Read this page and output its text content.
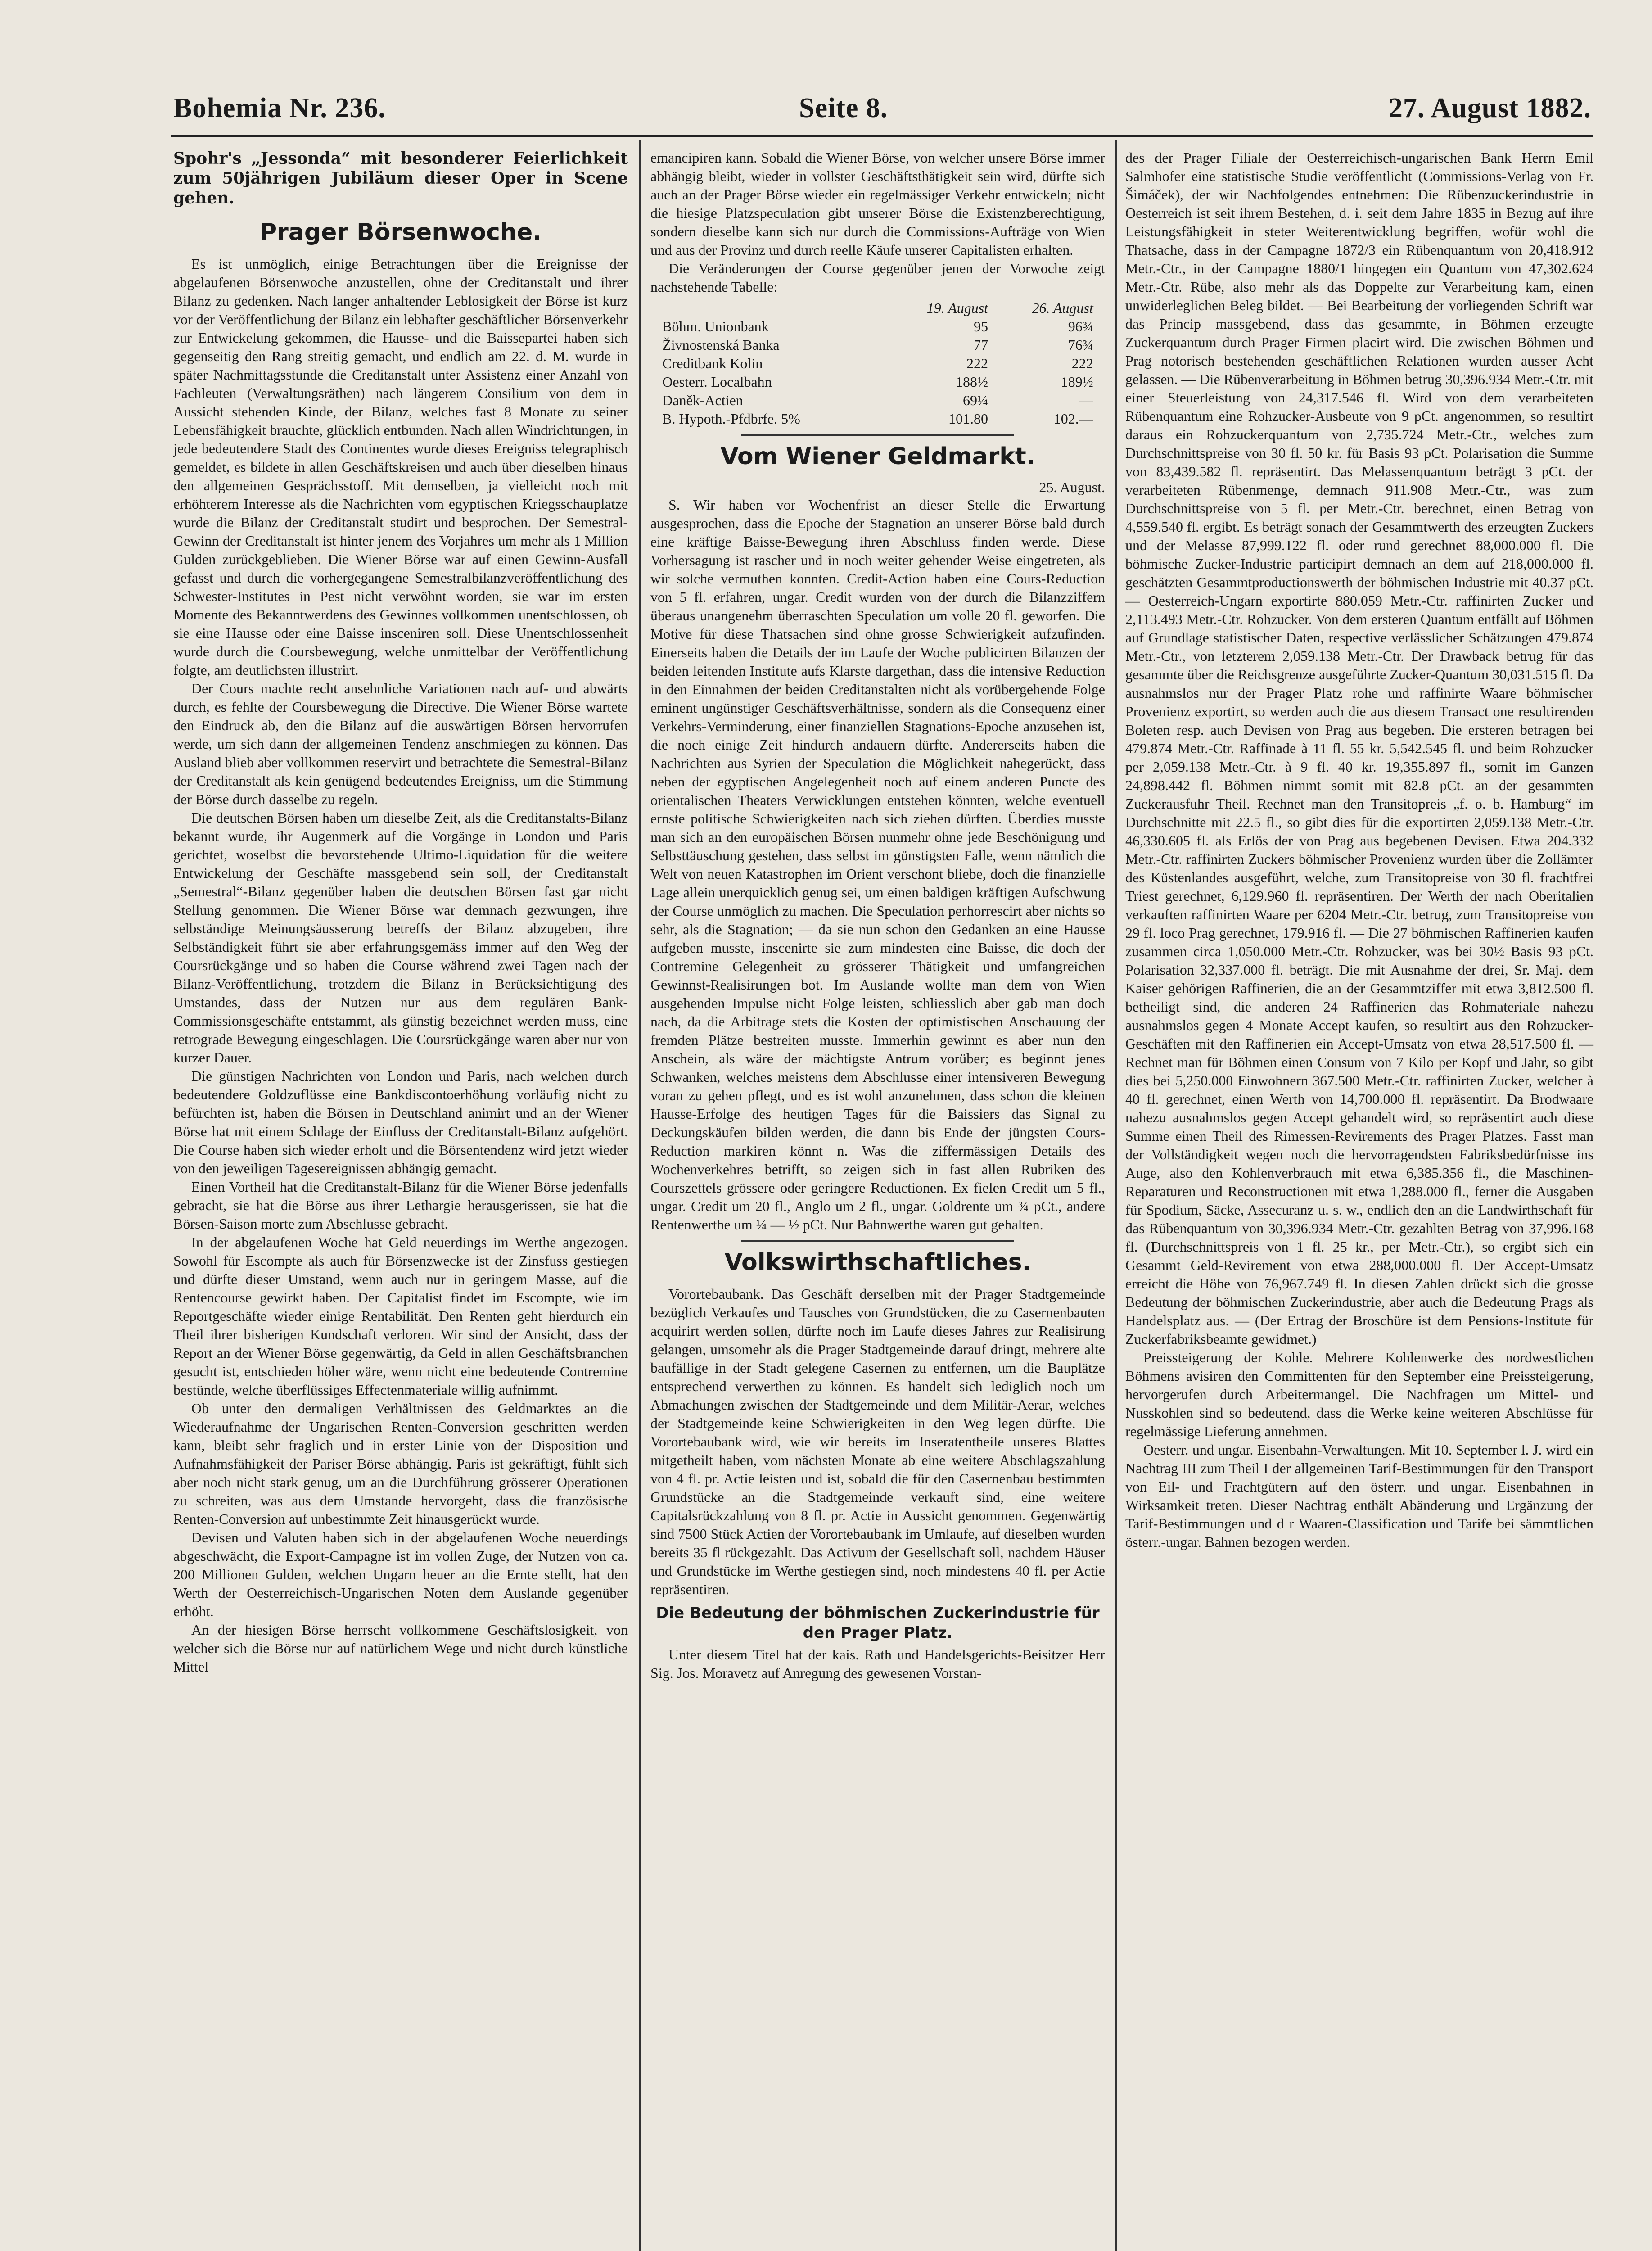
Bohemia Nr. 236.	Seite 8.	27. August 1882.

Spohr's „Jessonda“ mit besonderer Feierlichkeit zum 50jährigen Jubiläum dieser Oper in Scene gehen.

Prager Börsenwoche.

Es ist unmöglich, einige Betrachtungen über die Ereignisse der abgelaufenen Börsenwoche anzustellen, ohne der Creditanstalt und ihrer Bilanz zu gedenken. Nach langer anhaltender Leblosigkeit der Börse ist kurz vor der Veröffentlichung der Bilanz ein lebhafter geschäftlicher Börsenverkehr zur Entwickelung gekommen, die Hausse- und die Baissepartei haben sich gegenseitig den Rang streitig gemacht, und endlich am 22. d. M. wurde in später Nachmittagsstunde die Creditanstalt unter Assistenz einer Anzahl von Fachleuten (Verwaltungsräthen) nach längerem Consilium von dem in Aussicht stehenden Kinde, der Bilanz, welches fast 8 Monate zu seiner Lebensfähigkeit brauchte, glücklich entbunden. Nach allen Windrichtungen, in jede bedeutendere Stadt des Continentes wurde dieses Ereigniss telegraphisch gemeldet, es bildete in allen Geschäftskreisen und auch über dieselben hinaus den allgemeinen Gesprächsstoff. Mit demselben, ja vielleicht noch mit erhöhterem Interesse als die Nachrichten vom egyptischen Kriegsschauplatze wurde die Bilanz der Creditanstalt studirt und besprochen. Der Semestral-Gewinn der Creditanstalt ist hinter jenem des Vorjahres um mehr als 1 Million Gulden zurückgeblieben. Die Wiener Börse war auf einen Gewinn-Ausfall gefasst und durch die vorhergegangene Semestralbilanzveröffentlichung des Schwester-Institutes in Pest nicht verwöhnt worden, sie war im ersten Momente des Bekanntwerdens des Gewinnes vollkommen unentschlossen, ob sie eine Hausse oder eine Baisse insceniren soll. Diese Unentschlossenheit wurde durch die Coursbewegung, welche unmittelbar der Veröffentlichung folgte, am deutlichsten illustrirt.

Der Cours machte recht ansehnliche Variationen nach auf- und abwärts durch, es fehlte der Coursbewegung die Directive. Die Wiener Börse wartete den Eindruck ab, den die Bilanz auf die auswärtigen Börsen hervorrufen werde, um sich dann der allgemeinen Tendenz anschmiegen zu können. Das Ausland blieb aber vollkommen reservirt und betrachtete die Semestral-Bilanz der Creditanstalt als kein genügend bedeutendes Ereigniss, um die Stimmung der Börse durch dasselbe zu regeln.

Die deutschen Börsen haben um dieselbe Zeit, als die Creditanstalts-Bilanz bekannt wurde, ihr Augenmerk auf die Vorgänge in London und Paris gerichtet, woselbst die bevorstehende Ultimo-Liquidation für die weitere Entwickelung der Geschäfte massgebend sein soll, der Creditanstalt „Semestral“-Bilanz gegenüber haben die deutschen Börsen fast gar nicht Stellung genommen. Die Wiener Börse war demnach gezwungen, ihre selbständige Meinungsäusserung betreffs der Bilanz abzugeben, ihre Selbständigkeit führt sie aber erfahrungsgemäss immer auf den Weg der Coursrückgänge und so haben die Course während zwei Tagen nach der Bilanz-Veröffentlichung, trotzdem die Bilanz in Berücksichtigung des Umstandes, dass der Nutzen nur aus dem regulären Bank-Commissionsgeschäfte entstammt, als günstig bezeichnet werden muss, eine retrograde Bewegung eingeschlagen. Die Coursrückgänge waren aber nur von kurzer Dauer.

Die günstigen Nachrichten von London und Paris, nach welchen durch bedeutendere Goldzuflüsse eine Bankdiscontoerhöhung vorläufig nicht zu befürchten ist, haben die Börsen in Deutschland animirt und an der Wiener Börse hat mit einem Schlage der Einfluss der Creditanstalt-Bilanz aufgehört. Die Course haben sich wieder erholt und die Börsentendenz wird jetzt wieder von den jeweiligen Tagesereignissen abhängig gemacht.

Einen Vortheil hat die Creditanstalt-Bilanz für die Wiener Börse jedenfalls gebracht, sie hat die Börse aus ihrer Lethargie herausgerissen, sie hat die Börsen-Saison morte zum Abschlusse gebracht.

In der abgelaufenen Woche hat Geld neuerdings im Werthe angezogen. Sowohl für Escompte als auch für Börsenzwecke ist der Zinsfuss gestiegen und dürfte dieser Umstand, wenn auch nur in geringem Masse, auf die Rentencourse gewirkt haben. Der Capitalist findet im Escompte, wie im Reportgeschäfte wieder einige Rentabilität. Den Renten geht hierdurch ein Theil ihrer bisherigen Kundschaft verloren. Wir sind der Ansicht, dass der Report an der Wiener Börse gegenwärtig, da Geld in allen Geschäftsbranchen gesucht ist, entschieden höher wäre, wenn nicht eine bedeutende Contremine bestünde, welche überflüssiges Effectenmateriale willig aufnimmt.

Ob unter den dermaligen Verhältnissen des Geldmarktes an die Wiederaufnahme der Ungarischen Renten-Conversion geschritten werden kann, bleibt sehr fraglich und in erster Linie von der Disposition und Aufnahmsfähigkeit der Pariser Börse abhängig. Paris ist gekräftigt, fühlt sich aber noch nicht stark genug, um an die Durchführung grösserer Operationen zu schreiten, was aus dem Umstande hervorgeht, dass die französische Renten-Conversion auf unbestimmte Zeit hinausgerückt wurde.

Devisen und Valuten haben sich in der abgelaufenen Woche neuerdings abgeschwächt, die Export-Campagne ist im vollen Zuge, der Nutzen von ca. 200 Millionen Gulden, welchen Ungarn heuer an die Ernte stellt, hat den Werth der Oesterreichisch-Ungarischen Noten dem Auslande gegenüber erhöht.

An der hiesigen Börse herrscht vollkommene Geschäftslosigkeit, von welcher sich die Börse nur auf natürlichem Wege und nicht durch künstliche Mittel

emancipiren kann. Sobald die Wiener Börse, von welcher unsere Börse immer abhängig bleibt, wieder in vollster Geschäftsthätigkeit sein wird, dürfte sich auch an der Prager Börse wieder ein regelmässiger Verkehr entwickeln; nicht die hiesige Platzspeculation gibt unserer Börse die Existenzberechtigung, sondern dieselbe kann sich nur durch die Commissions-Aufträge von Wien und aus der Provinz und durch reelle Käufe unserer Capitalisten erhalten.

Die Veränderungen der Course gegenüber jenen der Vorwoche zeigt nachstehende Tabelle:

	19. August	26. August
Böhm. Unionbank	95	96¾
Živnostenská Banka	77	76¾
Creditbank Kolin	222	222
Oesterr. Localbahn	188½	189½
Daněk-Actien	69¼	—
B. Hypoth.-Pfdbrfe. 5%	101.80	102.—
Vom Wiener Geldmarkt.

25. August.

S. Wir haben vor Wochenfrist an dieser Stelle die Erwartung ausgesprochen, dass die Epoche der Stagnation an unserer Börse bald durch eine kräftige Baisse-Bewegung ihren Abschluss finden werde. Diese Vorhersagung ist rascher und in noch weiter gehender Weise eingetreten, als wir solche vermuthen konnten. Credit-Action haben eine Cours-Reduction von 5 fl. erfahren, ungar. Credit wurden von der durch die Bilanzziffern überaus unangenehm überraschten Speculation um volle 20 fl. geworfen. Die Motive für diese Thatsachen sind ohne grosse Schwierigkeit aufzufinden. Einerseits haben die Details der im Laufe der Woche publicirten Bilanzen der beiden leitenden Institute aufs Klarste dargethan, dass die intensive Reduction in den Einnahmen der beiden Creditanstalten nicht als vorübergehende Folge eminent ungünstiger Geschäftsverhältnisse, sondern als die Consequenz einer Verkehrs-Verminderung, einer finanziellen Stagnations-Epoche anzusehen ist, die noch einige Zeit hindurch andauern dürfte. Andererseits haben die Nachrichten aus Syrien der Speculation die Möglichkeit nahegerückt, dass neben der egyptischen Angelegenheit noch auf einem anderen Puncte des orientalischen Theaters Verwicklungen entstehen könnten, welche eventuell ernste politische Schwierigkeiten nach sich ziehen dürften. Überdies musste man sich an den europäischen Börsen nunmehr ohne jede Beschönigung und Selbsttäuschung gestehen, dass selbst im günstigsten Falle, wenn nämlich die Welt von neuen Katastrophen im Orient verschont bliebe, doch die finanzielle Lage allein unerquicklich genug sei, um einen baldigen kräftigen Aufschwung der Course unmöglich zu machen. Die Speculation perhorrescirt aber nichts so sehr, als die Stagnation; — da sie nun schon den Gedanken an eine Hausse aufgeben musste, inscenirte sie zum mindesten eine Baisse, die doch der Contremine Gelegenheit zu grösserer Thätigkeit und umfangreichen Gewinnst-Realisirungen bot. Im Auslande wollte man dem von Wien ausgehenden Impulse nicht Folge leisten, schliesslich aber gab man doch nach, da die Arbitrage stets die Kosten der optimistischen Anschauung der fremden Plätze bestreiten musste. Immerhin gewinnt es aber nun den Anschein, als wäre der mächtigste Antrum vorüber; es beginnt jenes Schwanken, welches meistens dem Abschlusse einer intensiveren Bewegung voran zu gehen pflegt, und es ist wohl anzunehmen, dass schon die kleinen Hausse-Erfolge des heutigen Tages für die Baissiers das Signal zu Deckungskäufen bilden werden, die dann bis Ende der jüngsten Cours-Reduction markiren könnt n. Was die ziffermässigen Details des Wochenverkehres betrifft, so zeigen sich in fast allen Rubriken des Courszettels grössere oder geringere Reductionen. Ex fielen Credit um 5 fl., ungar. Credit um 20 fl., Anglo um 2 fl., ungar. Goldrente um ¾ pCt., andere Rentenwerthe um ¼ — ½ pCt. Nur Bahnwerthe waren gut gehalten.

Volkswirthschaftliches.

Vorortebaubank. Das Geschäft derselben mit der Prager Stadtgemeinde bezüglich Verkaufes und Tausches von Grundstücken, die zu Casernenbauten acquirirt werden sollen, dürfte noch im Laufe dieses Jahres zur Realisirung gelangen, umsomehr als die Prager Stadtgemeinde darauf dringt, mehrere alte baufällige in der Stadt gelegene Casernen zu entfernen, um die Bauplätze entsprechend verwerthen zu können. Es handelt sich lediglich noch um Abmachungen zwischen der Stadtgemeinde und dem Militär-Aerar, welches der Stadtgemeinde keine Schwierigkeiten in den Weg legen dürfte. Die Vorortebaubank wird, wie wir bereits im Inseratentheile unseres Blattes mitgetheilt haben, vom nächsten Monate ab eine weitere Abschlagszahlung von 4 fl. pr. Actie leisten und ist, sobald die für den Casernenbau bestimmten Grundstücke an die Stadtgemeinde verkauft sind, eine weitere Capitalsrückzahlung von 8 fl. pr. Actie in Aussicht genommen. Gegenwärtig sind 7500 Stück Actien der Vorortebaubank im Umlaufe, auf dieselben wurden bereits 35 fl rückgezahlt. Das Activum der Gesellschaft soll, nachdem Häuser und Grundstücke im Werthe gestiegen sind, noch mindestens 40 fl. per Actie repräsentiren.

Die Bedeutung der böhmischen Zuckerindustrie für den Prager Platz.

Unter diesem Titel hat der kais. Rath und Handelsgerichts-Beisitzer Herr Sig. Jos. Moravetz auf Anregung des gewesenen Vorstan-

des der Prager Filiale der Oesterreichisch-ungarischen Bank Herrn Emil Salmhofer eine statistische Studie veröffentlicht (Commissions-Verlag von Fr. Šimáček), der wir Nachfolgendes entnehmen: Die Rübenzuckerindustrie in Oesterreich ist seit ihrem Bestehen, d. i. seit dem Jahre 1835 in Bezug auf ihre Leistungsfähigkeit in steter Weiterentwicklung begriffen, wofür wohl die Thatsache, dass in der Campagne 1872/3 ein Rübenquantum von 20,418.912 Metr.-Ctr., in der Campagne 1880/1 hingegen ein Quantum von 47,302.624 Metr.-Ctr. Rübe, also mehr als das Doppelte zur Verarbeitung kam, einen unwiderleglichen Beleg bildet. — Bei Bearbeitung der vorliegenden Schrift war das Princip massgebend, dass das gesammte, in Böhmen erzeugte Zuckerquantum durch Prager Firmen placirt wird. Die zwischen Böhmen und Prag notorisch bestehenden geschäftlichen Relationen wurden ausser Acht gelassen. — Die Rübenverarbeitung in Böhmen betrug 30,396.934 Metr.-Ctr. mit einer Steuerleistung von 24,317.546 fl. Wird von dem verarbeiteten Rübenquantum eine Rohzucker-Ausbeute von 9 pCt. angenommen, so resultirt daraus ein Rohzuckerquantum von 2,735.724 Metr.-Ctr., welches zum Durchschnittspreise von 30 fl. 50 kr. für Basis 93 pCt. Polarisation die Summe von 83,439.582 fl. repräsentirt. Das Melassenquantum beträgt 3 pCt. der verarbeiteten Rübenmenge, demnach 911.908 Metr.-Ctr., was zum Durchschnittspreise von 5 fl. per Metr.-Ctr. berechnet, einen Betrag von 4,559.540 fl. ergibt. Es beträgt sonach der Gesammtwerth des erzeugten Zuckers und der Melasse 87,999.122 fl. oder rund gerechnet 88,000.000 fl. Die böhmische Zucker-Industrie participirt demnach an dem auf 218,000.000 fl. geschätzten Gesammtproductionswerth der böhmischen Industrie mit 40.37 pCt. — Oesterreich-Ungarn exportirte 880.059 Metr.-Ctr. raffinirten Zucker und 2,113.493 Metr.-Ctr. Rohzucker. Von dem ersteren Quantum entfällt auf Böhmen auf Grundlage statistischer Daten, respective verlässlicher Schätzungen 479.874 Metr.-Ctr., von letzterem 2,059.138 Metr.-Ctr. Der Drawback betrug für das gesammte über die Reichsgrenze ausgeführte Zucker-Quantum 30,031.515 fl. Da ausnahmslos nur der Prager Platz rohe und raffinirte Waare böhmischer Provenienz exportirt, so werden auch die aus diesem Transact one resultirenden Boleten resp. auch Devisen von Prag aus begeben. Die ersteren betragen bei 479.874 Metr.-Ctr. Raffinade à 11 fl. 55 kr. 5,542.545 fl. und beim Rohzucker per 2,059.138 Metr.-Ctr. à 9 fl. 40 kr. 19,355.897 fl., somit im Ganzen 24,898.442 fl. Böhmen nimmt somit mit 82.8 pCt. an der gesammten Zuckerausfuhr Theil. Rechnet man den Transitopreis „f. o. b. Hamburg“ im Durchschnitte mit 22.5 fl., so gibt dies für die exportirten 2,059.138 Metr.-Ctr. 46,330.605 fl. als Erlös der von Prag aus begebenen Devisen. Etwa 204.332 Metr.-Ctr. raffinirten Zuckers böhmischer Provenienz wurden über die Zollämter des Küstenlandes ausgeführt, welche, zum Transitopreise von 30 fl. frachtfrei Triest gerechnet, 6,129.960 fl. repräsentiren. Der Werth der nach Oberitalien verkauften raffinirten Waare per 6204 Metr.-Ctr. betrug, zum Transitopreise von 29 fl. loco Prag gerechnet, 179.916 fl. — Die 27 böhmischen Raffinerien kaufen zusammen circa 1,050.000 Metr.-Ctr. Rohzucker, was bei 30½ Basis 93 pCt. Polarisation 32,337.000 fl. beträgt. Die mit Ausnahme der drei, Sr. Maj. dem Kaiser gehörigen Raffinerien, die an der Gesammtziffer mit etwa 3,812.500 fl. betheiligt sind, die anderen 24 Raffinerien das Rohmateriale nahezu ausnahmslos gegen 4 Monate Accept kaufen, so resultirt aus den Rohzucker-Geschäften mit den Raffinerien ein Accept-Umsatz von etwa 28,517.500 fl. — Rechnet man für Böhmen einen Consum von 7 Kilo per Kopf und Jahr, so gibt dies bei 5,250.000 Einwohnern 367.500 Metr.-Ctr. raffinirten Zucker, welcher à 40 fl. gerechnet, einen Werth von 14,700.000 fl. repräsentirt. Da Brodwaare nahezu ausnahmslos gegen Accept gehandelt wird, so repräsentirt auch diese Summe einen Theil des Rimessen-Revirements des Prager Platzes. Fasst man der Vollständigkeit wegen noch die hervorragendsten Fabriksbedürfnisse ins Auge, also den Kohlenverbrauch mit etwa 6,385.356 fl., die Maschinen-Reparaturen und Reconstructionen mit etwa 1,288.000 fl., ferner die Ausgaben für Spodium, Säcke, Assecuranz u. s. w., endlich den an die Landwirthschaft für das Rübenquantum von 30,396.934 Metr.-Ctr. gezahlten Betrag von 37,996.168 fl. (Durchschnittspreis von 1 fl. 25 kr., per Metr.-Ctr.), so ergibt sich ein Gesammt Geld-Revirement von etwa 288,000.000 fl. Der Accept-Umsatz erreicht die Höhe von 76,967.749 fl. In diesen Zahlen drückt sich die grosse Bedeutung der böhmischen Zuckerindustrie, aber auch die Bedeutung Prags als Handelsplatz aus. — (Der Ertrag der Broschüre ist dem Pensions-Institute für Zuckerfabriksbeamte gewidmet.)

Preissteigerung der Kohle. Mehrere Kohlenwerke des nordwestlichen Böhmens avisiren den Committenten für den September eine Preissteigerung, hervorgerufen durch Arbeitermangel. Die Nachfragen um Mittel- und Nusskohlen sind so bedeutend, dass die Werke keine weiteren Abschlüsse für regelmässige Lieferung annehmen.

Oesterr. und ungar. Eisenbahn-Verwaltungen. Mit 10. September l. J. wird ein Nachtrag III zum Theil I der allgemeinen Tarif-Bestimmungen für den Transport von Eil- und Frachtgütern auf den österr. und ungar. Eisenbahnen in Wirksamkeit treten. Dieser Nachtrag enthält Abänderung und Ergänzung der Tarif-Bestimmungen und d r Waaren-Classification und Tarife bei sämmtlichen österr.-ungar. Bahnen bezogen werden.
